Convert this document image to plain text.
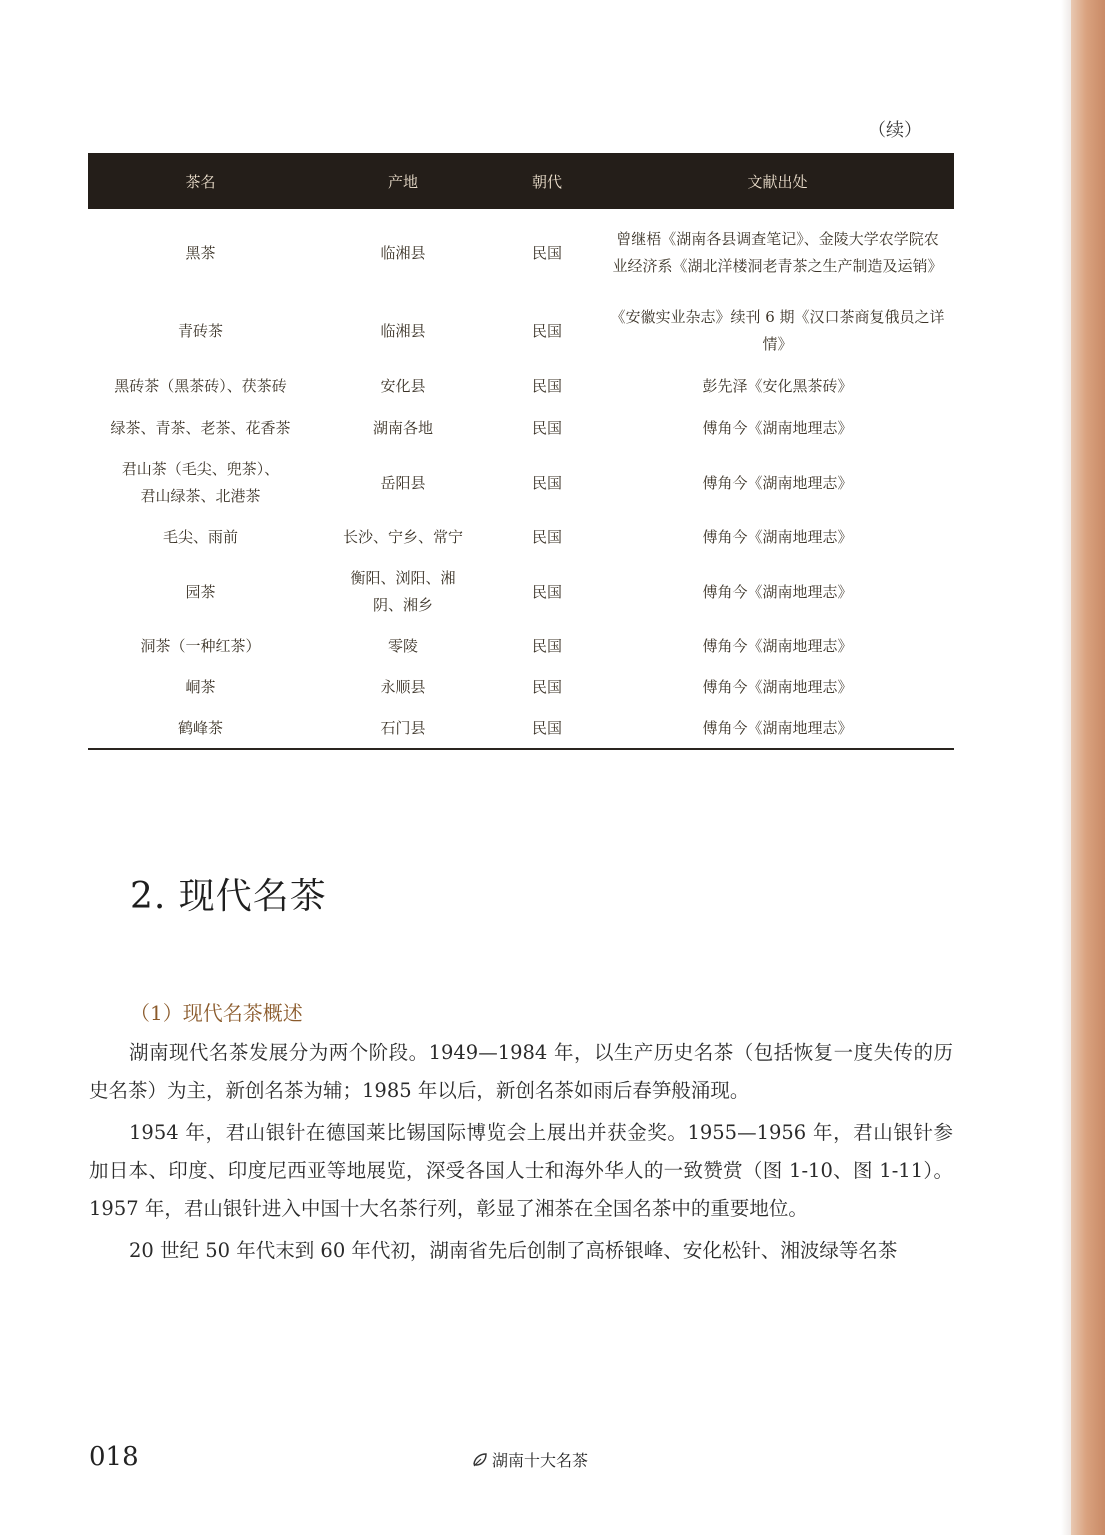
（续）
茶名	产地	朝代	文献出处
黑茶	临湘县	民国	曾继梧《湖南各县调查笔记》、金陵大学农学院农业经济系《湖北洋楼洞老青茶之生产制造及运销》
青砖茶	临湘县	民国	《安徽实业杂志》续刊 6 期《汉口茶商复俄员之详情》
黑砖茶（黑茶砖）、茯茶砖	安化县	民国	彭先泽《安化黑茶砖》
绿茶、青茶、老茶、花香茶	湖南各地	民国	傅角今《湖南地理志》
君山茶（毛尖、兜茶）、君山绿茶、北港茶	岳阳县	民国	傅角今《湖南地理志》
毛尖、雨前	长沙、宁乡、常宁	民国	傅角今《湖南地理志》
园茶	衡阳、浏阳、湘阴、湘乡	民国	傅角今《湖南地理志》
洞茶（一种红茶）	零陵	民国	傅角今《湖南地理志》
峒茶	永顺县	民国	傅角今《湖南地理志》
鹤峰茶	石门县	民国	傅角今《湖南地理志》
2. 现代名茶
（1）现代名茶概述

湖南现代名茶发展分为两个阶段。1949—1984 年，以生产历史名茶（包括恢复一度失传的历史名茶）为主，新创名茶为辅；1985 年以后，新创名茶如雨后春笋般涌现。

1954 年，君山银针在德国莱比锡国际博览会上展出并获金奖。1955—1956 年，君山银针参加日本、印度、印度尼西亚等地展览，深受各国人士和海外华人的一致赞赏（图 1-10、图 1-11）。1957 年，君山银针进入中国十大名茶行列，彰显了湘茶在全国名茶中的重要地位。

20 世纪 50 年代末到 60 年代初，湖南省先后创制了高桥银峰、安化松针、湘波绿等名茶

018	湖南十大名茶
